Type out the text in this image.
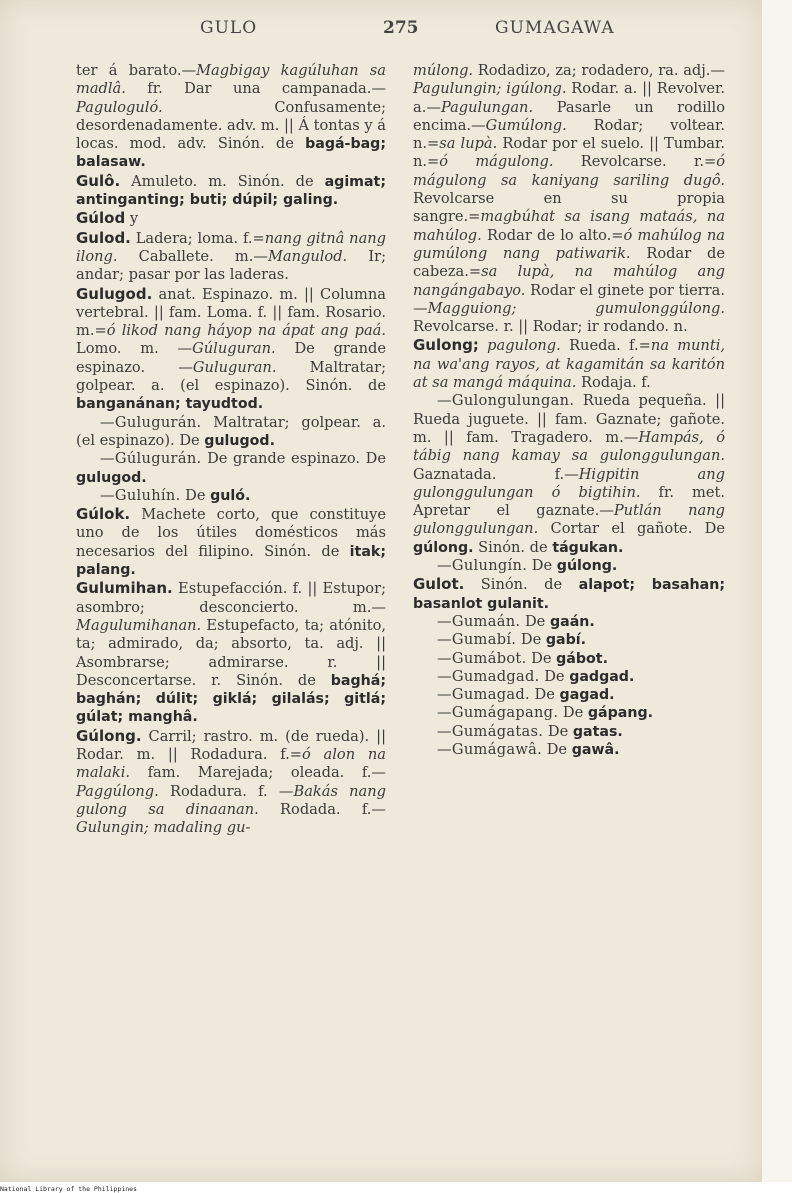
GULO	275	GUMAGAWA

ter á barato.—Magbigay kagúluhan sa madlâ. fr. Dar una campanada.—Paguloguló. Confusamente; desordenadamente. adv. m. || Á tontas y á locas. mod. adv. Sinón. de bagá-bag; balasaw.

Gulô. Amuleto. m. Sinón. de agimat; antinganting; buti; dúpil; galing.

Gúlod y

Gulod. Ladera; loma. f.=nang gitnâ nang ilong. Caballete. m.—Mangulod. Ir; andar; pasar por las laderas.

Gulugod. anat. Espinazo. m. || Columna vertebral. || fam. Loma. f. || fam. Rosario. m.=ó likod nang háyop na ápat ang paá. Lomo. m. —Gúluguran. De grande espinazo. —Guluguran. Maltratar; golpear. a. (el espinazo). Sinón. de banganánan; tayudtod.

—Gulugurán. Maltratar; golpear. a. (el espinazo). De gulugod.

—Gúlugurán. De grande espinazo. De gulugod.

—Guluhín. De guló.

Gúlok. Machete corto, que constituye uno de los útiles domésticos más necesarios del filipino. Sinón. de itak; palang.

Gulumihan. Estupefacción. f. || Estupor; asombro; desconcierto. m.—Magulumihanan. Estupefacto, ta; atónito, ta; admirado, da; absorto, ta. adj. || Asombrarse; admirarse. r. || Desconcertarse. r. Sinón. de baghá; baghán; dúlit; giklá; gilalás; gitlá; gúlat; manghâ.

Gúlong. Carril; rastro. m. (de rueda). || Rodar. m. || Rodadura. f.=ó alon na malaki. fam. Marejada; oleada. f.—Paggúlong. Rodadura. f. —Bakás nang gulong sa dinaanan. Rodada. f.—Gulungin; madaling gu-

múlong. Rodadizo, za; rodadero, ra. adj.—Pagulungin; igúlong. Rodar. a. || Revolver. a.—Pagulungan. Pasarle un rodillo encima.—Gumúlong. Rodar; voltear. n.=sa lupà. Rodar por el suelo. || Tumbar. n.=ó mágulong. Revolcarse. r.=ó mágulong sa kaniyang sariling dugô. Revolcarse en su propia sangre.=magbúhat sa isang mataás, na mahúlog. Rodar de lo alto.=ó mahúlog na gumúlong nang patiwarik. Rodar de cabeza.=sa lupà, na mahúlog ang nangángabayo. Rodar el ginete por tierra.—Magguiong; gumulonggúlong. Revolcarse. r. || Rodar; ir rodando. n.

Gulong; pagulong. Rueda. f.=na munti, na wa'ang rayos, at kagamitán sa karitón at sa mangá máquina. Rodaja. f.

—Gulongulungan. Rueda pequeña. || Rueda juguete. || fam. Gaznate; gañote. m. || fam. Tragadero. m.—Hampás, ó tábig nang kamay sa gulonggulungan. Gaznatada. f.—Higpitin ang gulonggulungan ó bigtihin. fr. met. Apretar el gaznate.—Putlán nang gulonggulungan. Cortar el gañote. De gúlong. Sinón. de tágukan.

—Gulungín. De gúlong.

Gulot. Sinón. de alapot; basahan; basanlot gulanit.

—Gumaán. De gaán.

—Gumabí. De gabí.

—Gumábot. De gábot.

—Gumadgad. De gadgad.

—Gumagad. De gagad.

—Gumágapang. De gápang.

—Gumágatas. De gatas.

—Gumágawâ. De gawâ.

National Library of the Philippines
